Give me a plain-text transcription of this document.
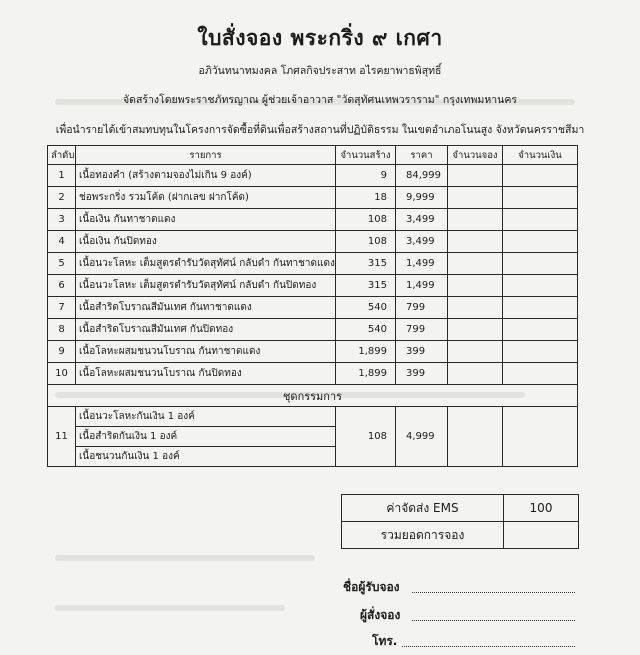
ใบสั่งจอง พระกริ่ง ๙ เกศา
อภิวันทนาทมงคล โภศลกิจประสาท อไรคยาพาธพิสุทธิ์
จัดสร้างโดยพระราชภัทรญาณ ผู้ช่วยเจ้าอาวาส "วัดสุทัศนเทพวราราม" กรุงเทพมหานคร
เพื่อนำรายได้เข้าสมทบทุนในโครงการจัดซื้อที่ดินเพื่อสร้างสถานที่ปฏิบัติธรรม ในเขตอำเภอโนนสูง จังหวัดนครราชสีมา
ลำดับ	รายการ	จำนวนสร้าง	ราคา	จำนวนจอง	จำนวนเงิน
1	เนื้อทองคำ (สร้างตามจองไม่เกิน 9 องค์)	9	84,999		
2	ช่อพระกริ่ง รวมโค้ด (ฝากเลข ฝากโค้ด)	18	9,999		
3	เนื้อเงิน กันทาชาดแดง	108	3,499		
4	เนื้อเงิน กันปิดทอง	108	3,499		
5	เนื้อนวะโลหะ เต็มสูตรตำรับวัดสุทัศน์ กลับดำ กันทาชาดแดง	315	1,499		
6	เนื้อนวะโลหะ เต็มสูตรตำรับวัดสุทัศน์ กลับดำ กันปิดทอง	315	1,499		
7	เนื้อสำริดโบราณสีมันเทศ กันทาชาดแดง	540	799		
8	เนื้อสำริดโบราณสีมันเทศ กันปิดทอง	540	799		
9	เนื้อโลหะผสมชนวนโบราณ กันทาชาดแดง	1,899	399		
10	เนื้อโลหะผสมชนวนโบราณ กันปิดทอง	1,899	399		
ชุดกรรมการ					
11	เนื้อนวะโลหะกันเงิน 1 องค์
เนื้อสำริดกันเงิน 1 องค์
เนื้อชนวนกันเงิน 1 องค์	108	4,999		
ค่าจัดส่ง EMS	100
รวมยอดการจอง	
ชื่อผู้รับจอง
ผู้สั่งจอง
โทร.
